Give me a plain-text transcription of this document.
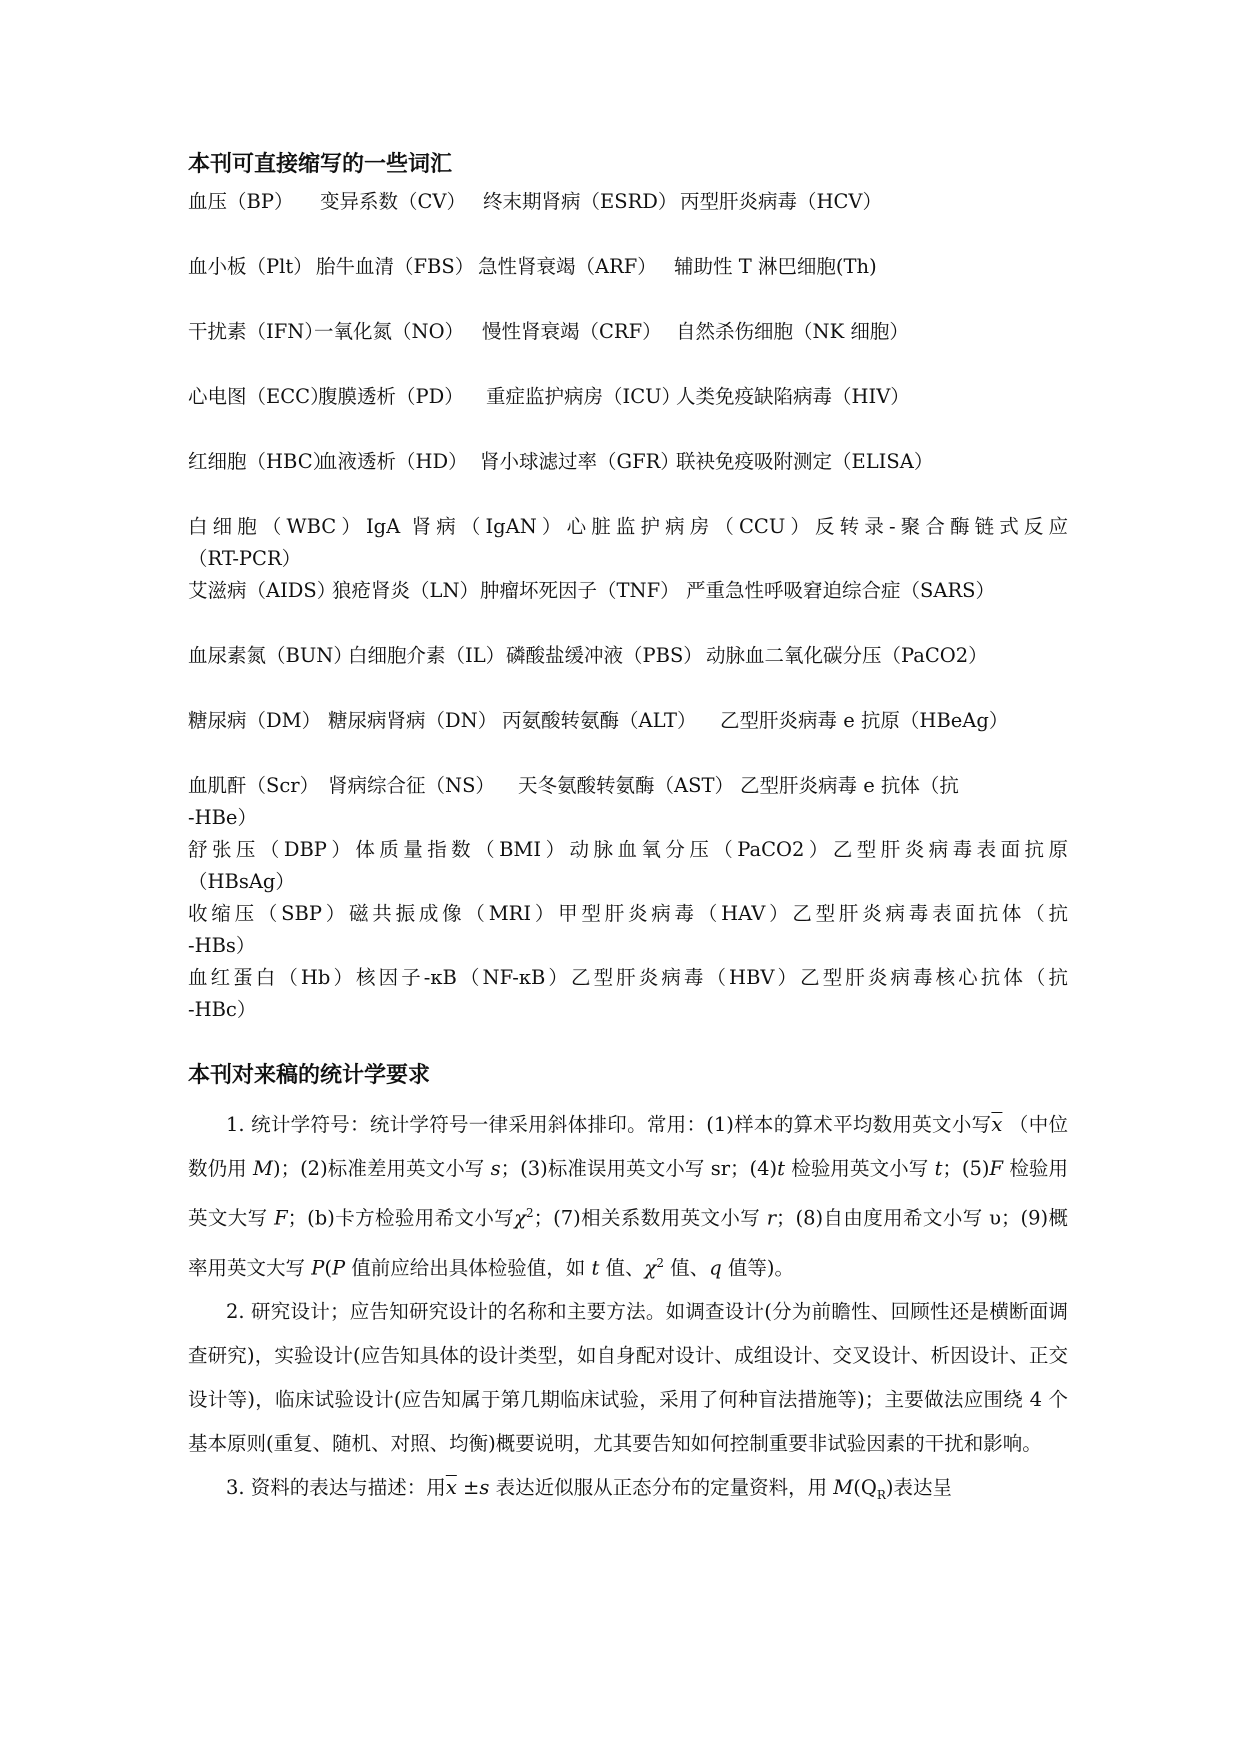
本刊可直接缩写的一些词汇
血压（BP） 变异系数（CV） 终末期肾病（ESRD） 丙型肝炎病毒（HCV）
血小板（Plt） 胎牛血清（FBS） 急性肾衰竭（ARF） 辅助性 T 淋巴细胞(Th)
干扰素（IFN）
一氧化氮（NO） 慢性肾衰竭（CRF） 自然杀伤细胞（NK 细胞）
心电图（ECC）
腹膜透析（PD） 重症监护病房（ICU）
人类免疫缺陷病毒（HIV）
红细胞（HBC）
血液透析（HD） 肾小球滤过率（GFR）
联袂免疫吸附测定（ELISA）
白细胞（WBC）IgA 肾病（IgAN）心脏监护病房（CCU）反转录-聚合酶链式反应
（RT-PCR）
艾滋病（AIDS）
狼疮肾炎（LN） 肿瘤坏死因子（TNF） 严重急性呼吸窘迫综合症（SARS）
血尿素氮（BUN）
白细胞介素（IL） 磷酸盐缓冲液（PBS） 动脉血二氧化碳分压（PaCO2）
糖尿病（DM） 糖尿病肾病（DN） 丙氨酸转氨酶（ALT） 乙型肝炎病毒 e 抗原（HBeAg）
血肌酐（Scr） 肾病综合征（NS） 天冬氨酸转氨酶（AST） 乙型肝炎病毒 e 抗体（抗
-HBe）
舒张压（DBP）体质量指数（BMI）动脉血氧分压（PaCO2）乙型肝炎病毒表面抗原
（HBsAg）
收缩压（SBP）磁共振成像（MRI）甲型肝炎病毒（HAV）乙型肝炎病毒表面抗体（抗
-HBs）
血红蛋白（Hb）核因子-κB（NF-κB）乙型肝炎病毒（HBV）乙型肝炎病毒核心抗体（抗
-HBc）
本刊对来稿的统计学要求

1. 统计学符号：统计学符号一律采用斜体排印。常用：(1)样本的算术平均数用英文小写$\overline{x}$ （中位数仍用 M)；(2)标准差用英文小写 s；(3)标准误用英文小写 sr；(4)t 检验用英文小写 t；(5)F 检验用英文大写 F；(b)卡方检验用希文小写$\chi^2$；(7)相关系数用英文小写 r；(8)自由度用希文小写 υ；(9)概率用英文大写 P(P 值前应给出具体检验值，如 t 值、$\chi^2$ 值、q 值等)。

2. 研究设计；应告知研究设计的名称和主要方法。如调查设计(分为前瞻性、回顾性还是横断面调查研究)，实验设计(应告知具体的设计类型，如自身配对设计、成组设计、交叉设计、析因设计、正交设计等)，临床试验设计(应告知属于第几期临床试验，采用了何种盲法措施等)；主要做法应围绕 4 个基本原则(重复、随机、对照、均衡)概要说明，尤其要告知如何控制重要非试验因素的干扰和影响。

3. 资料的表达与描述：用$\overline{x} \pm s$ 表达近似服从正态分布的定量资料，用 $M(Q_R)$表达呈
